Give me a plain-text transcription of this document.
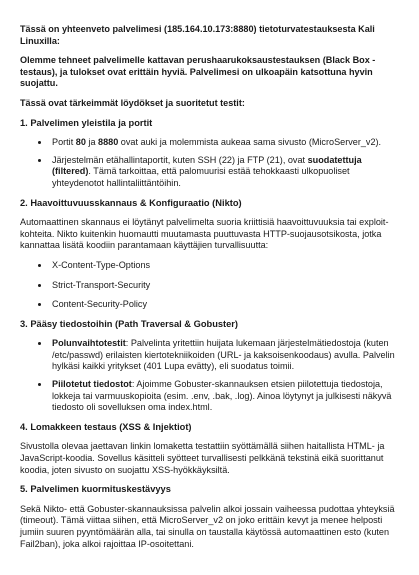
Tässä on yhteenveto palvelimesi (185.164.10.173:8880) tietoturvatestauksesta Kali Linuxilla:

Olemme tehneet palvelimelle kattavan perushaarukoksaustestauksen (Black Box -testaus), ja tulokset ovat erittäin hyviä. Palvelimesi on ulkoapäin katsottuna hyvin suojattu.

Tässä ovat tärkeimmät löydökset ja suoritetut testit:

1. Palvelimen yleistila ja portit
• Portit 80 ja 8880 ovat auki ja molemmista aukeaa sama sivusto (MicroServer_v2).
• Järjestelmän etähallintaportit, kuten SSH (22) ja FTP (21), ovat suodatettuja (filtered). Tämä tarkoittaa, että palomuurisi estää tehokkaasti ulkopuoliset yhteydenotot hallintaliittäntöihin.
2. Haavoittuvuusskannaus & Konfiguraatio (Nikto)

Automaattinen skannaus ei löytänyt palvelimelta suoria kriittisiä haavoittuvuuksia tai exploit-kohteita. Nikto kuitenkin huomautti muutamasta puuttuvasta HTTP-suojausotsikosta, jotka kannattaa lisätä koodiin parantamaan käyttäjien turvallisuutta:

• X-Content-Type-Options
• Strict-Transport-Security
• Content-Security-Policy
3. Pääsy tiedostoihin (Path Traversal & Gobuster)
• Polunvaihtotestit: Palvelinta yritettiin huijata lukemaan järjestelmätiedostoja (kuten /etc/passwd) erilaisten kiertotekniikoiden (URL- ja kaksoisenkoodaus) avulla. Palvelin hylkäsi kaikki yritykset (401 Lupa evätty), eli suodatus toimii.
• Piilotetut tiedostot: Ajoimme Gobuster-skannauksen etsien piilotettuja tiedostoja, lokkeja tai varmuuskopioita (esim. .env, .bak, .log). Ainoa löytynyt ja julkisesti näkyvä tiedosto oli sovelluksen oma index.html.
4. Lomakkeen testaus (XSS & Injektiot)

Sivustolla olevaa jaettavan linkin lomaketta testattiin syöttämällä siihen haitallista HTML- ja JavaScript-koodia. Sovellus käsitteli syötteet turvallisesti pelkkänä tekstinä eikä suorittanut koodia, joten sivusto on suojattu XSS-hyökkäyksiltä.

5. Palvelimen kuormituskestävyys

Sekä Nikto- että Gobuster-skannauksissa palvelin alkoi jossain vaiheessa pudottaa yhteyksiä (timeout). Tämä viittaa siihen, että MicroServer_v2 on joko erittäin kevyt ja menee helposti jumiin suuren pyyntömäärän alla, tai sinulla on taustalla käytössä automaattinen esto (kuten Fail2ban), joka alkoi rajoittaa IP-osoitettani.
